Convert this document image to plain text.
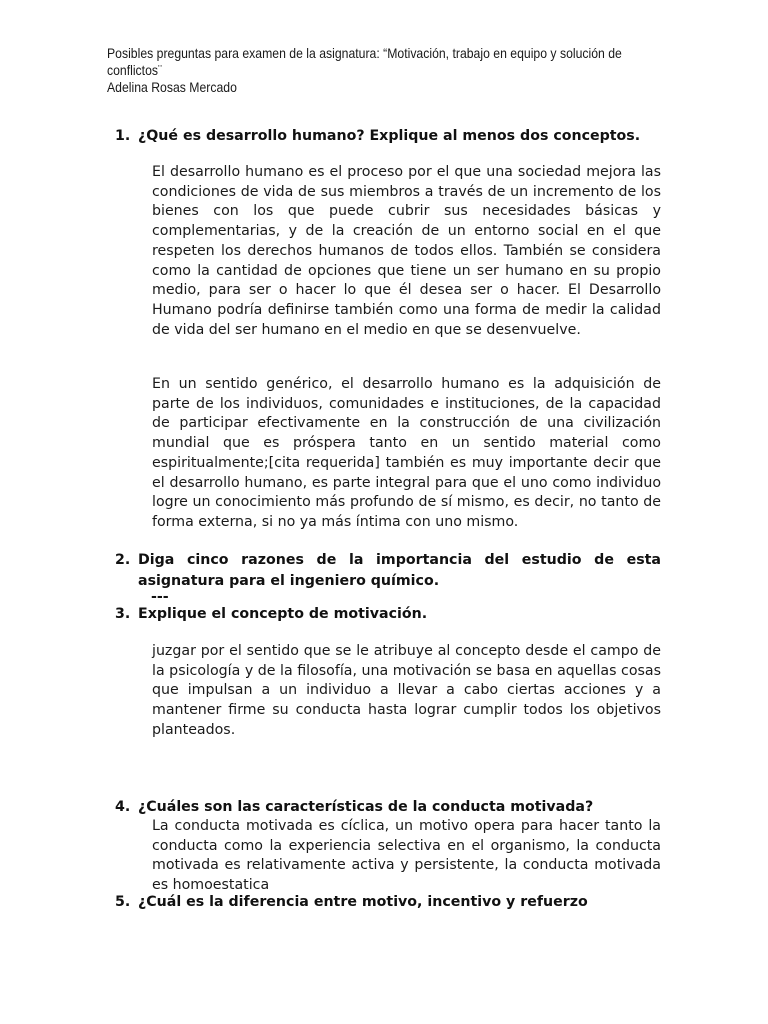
Posibles preguntas para examen de la asignatura: “Motivación, trabajo en equipo y solución de
conflictos¨
Adelina Rosas Mercado
1. ¿Qué es desarrollo humano? Explique al menos dos conceptos.
El desarrollo humano es el proceso por el que una sociedad mejora las condiciones de vida de sus miembros a través de un incremento de los bienes con los que puede cubrir sus necesidades básicas y complementarias, y de la creación de un entorno social en el que respeten los derechos humanos de todos ellos. También se considera como la cantidad de opciones que tiene un ser humano en su propio medio, para ser o hacer lo que él desea ser o hacer. El Desarrollo Humano podría definirse también como una forma de medir la calidad de vida del ser humano en el medio en que se desenvuelve.
En un sentido genérico, el desarrollo humano es la adquisición de parte de los individuos, comunidades e instituciones, de la capacidad de participar efectivamente en la construcción de una civilización mundial que es próspera tanto en un sentido material como espiritualmente;[cita requerida] también es muy importante decir que el desarrollo humano, es parte integral para que el uno como individuo logre un conocimiento más profundo de sí mismo, es decir, no tanto de forma externa, si no ya más íntima con uno mismo.
2. Diga cinco razones de la importancia del estudio de esta asignatura para el ingeniero químico.
---
3. Explique el concepto de motivación.
juzgar por el sentido que se le atribuye al concepto desde el campo de la psicología y de la filosofía, una motivación se basa en aquellas cosas que impulsan a un individuo a llevar a cabo ciertas acciones y a mantener firme su conducta hasta lograr cumplir todos los objetivos planteados.
4. ¿Cuáles son las características de la conducta motivada?
La conducta motivada es cíclica, un motivo opera para hacer tanto la conducta como la experiencia selectiva en el organismo, la conducta motivada es relativamente activa y persistente, la conducta motivada es homoestatica
5. ¿Cuál es la diferencia entre motivo, incentivo y refuerzo
